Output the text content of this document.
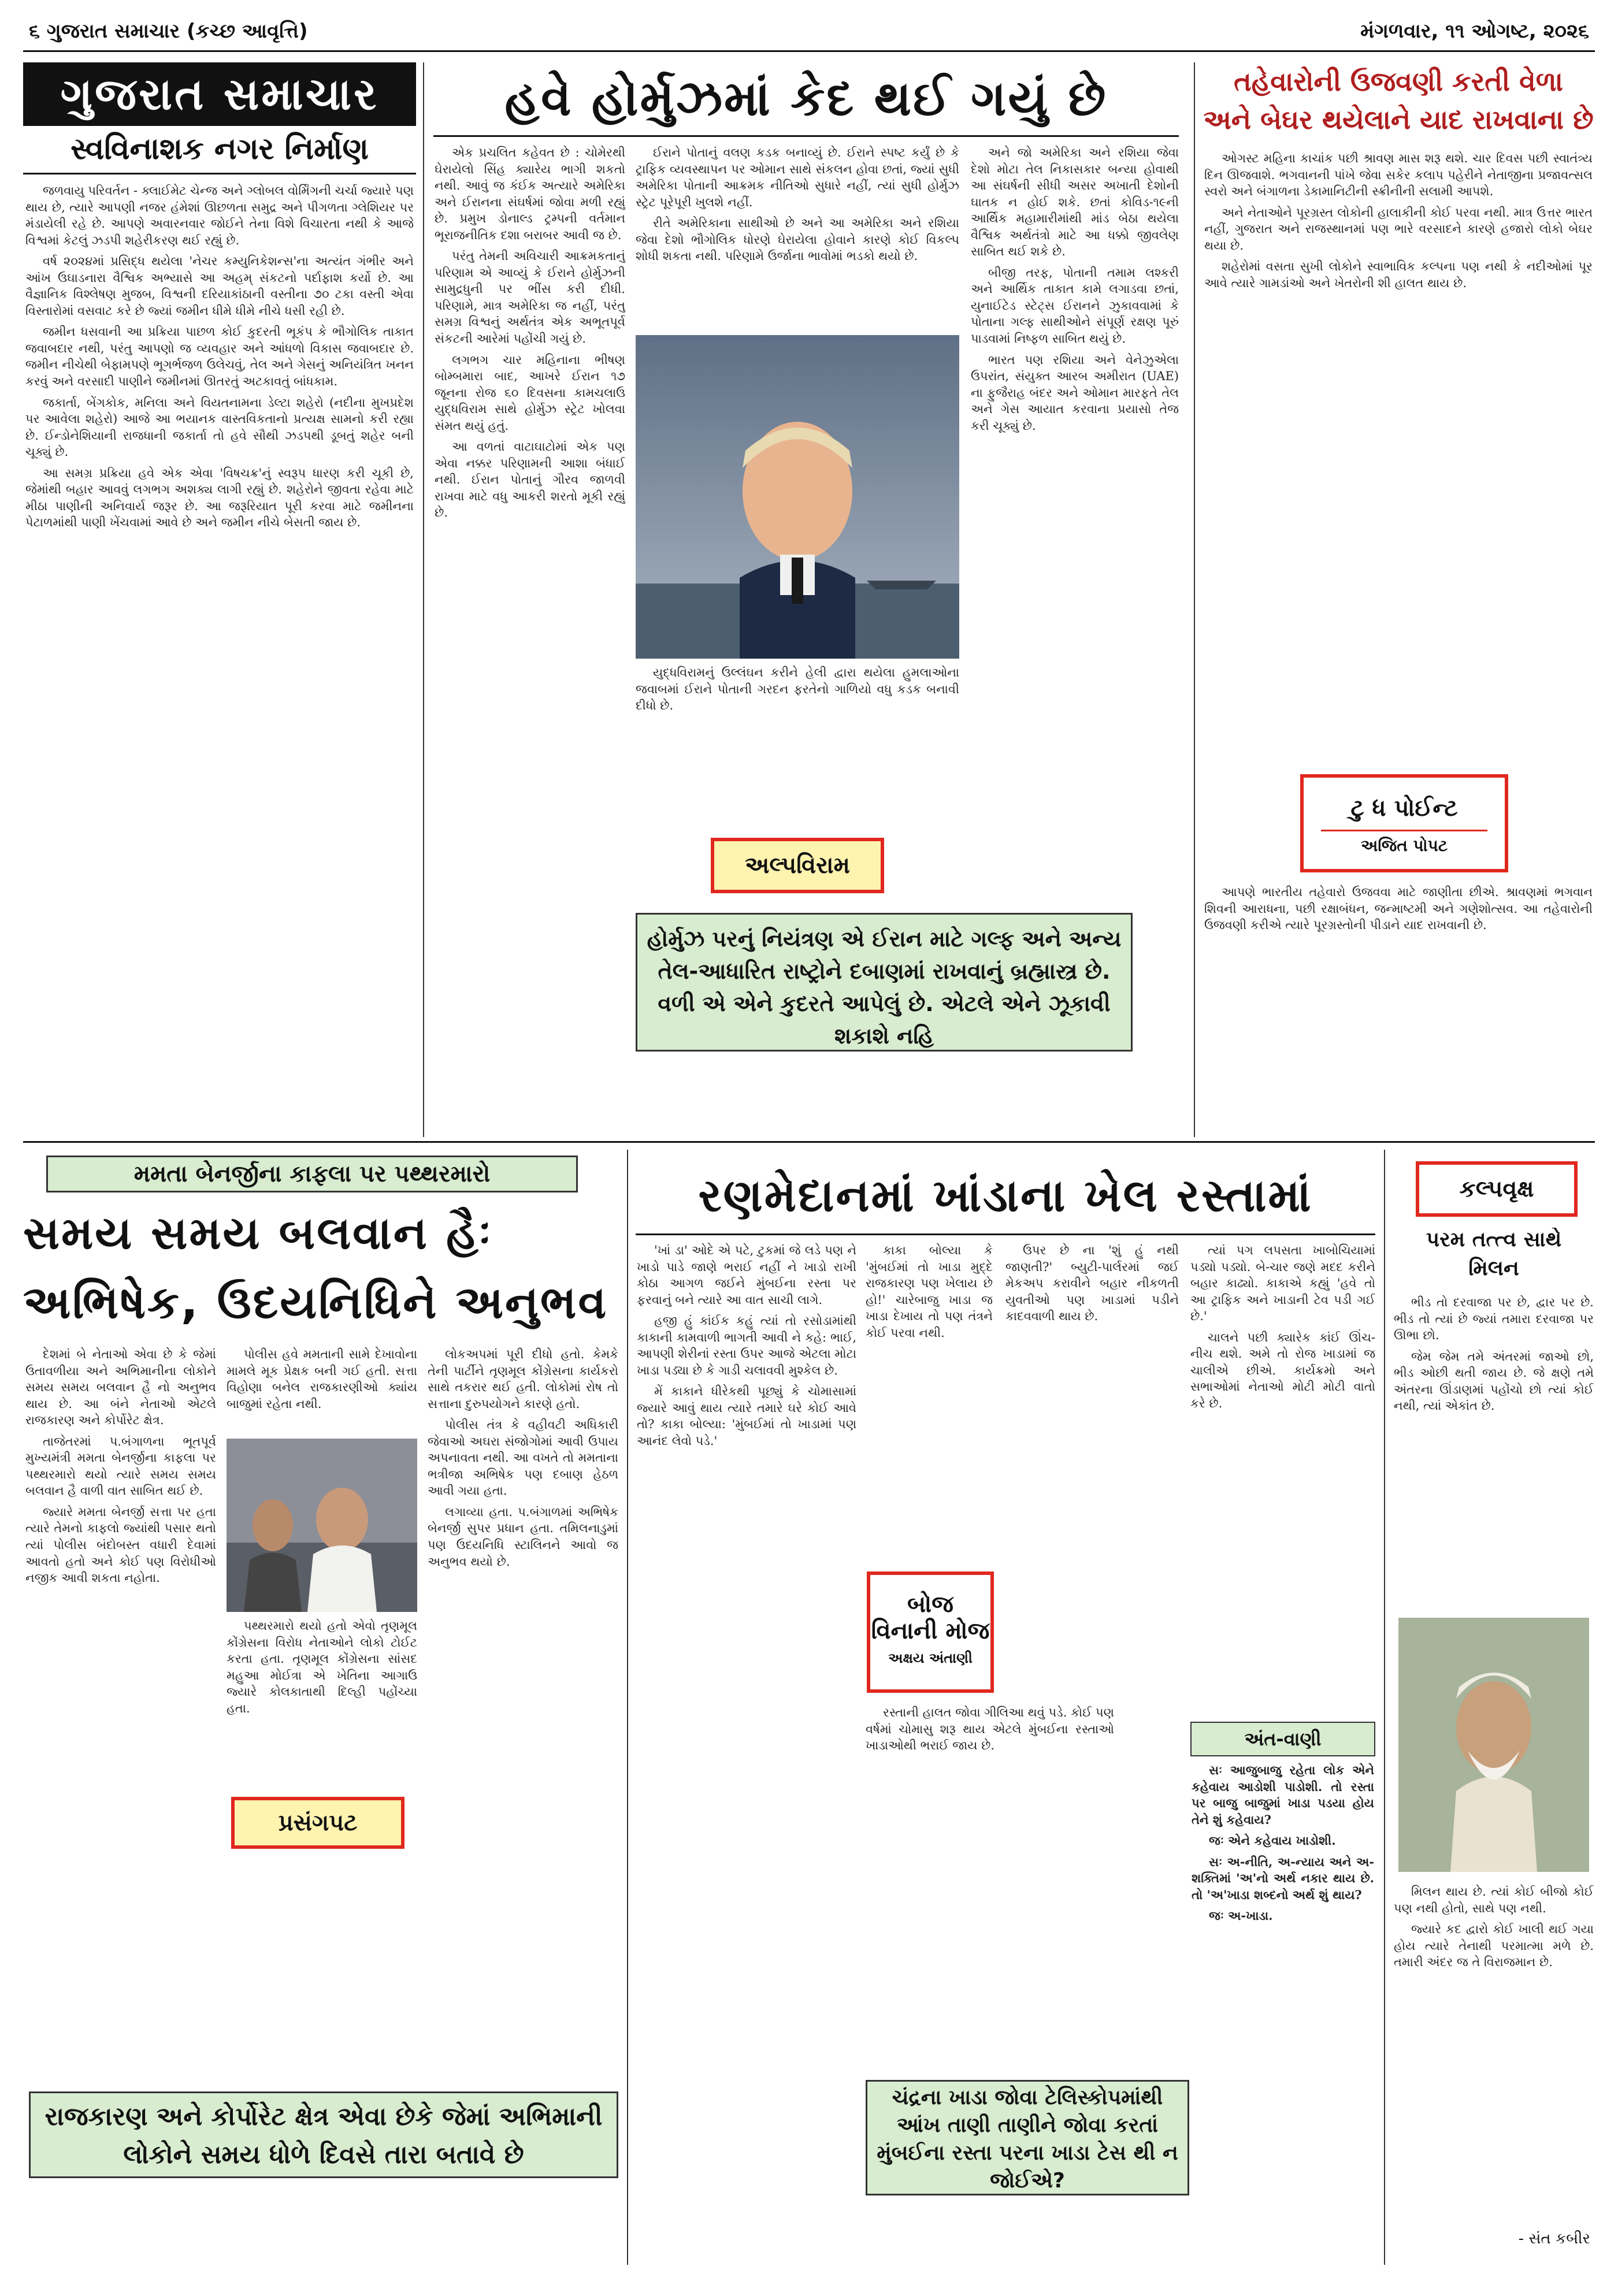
૬ ગુજરાત સમાચાર (કચ્છ આવૃત્તિ)	મંગળવાર, ૧૧ ઓગષ્ટ, ૨૦૨૬
ગુજરાત સમાચાર
સ્વવિનાશક નગર નિર્માણ

જળવાયુ પરિવર્તન - ક્લાઈમેટ ચેન્જ અને ગ્લોબલ વોર્મિંગની ચર્ચા જ્યારે પણ થાય છે, ત્યારે આપણી નજર હંમેશાં ઊછળતા સમુદ્ર અને પીગળતા ગ્લેશિયર પર મંડાયેલી રહે છે. આપણે અવારનવાર જોઈને તેના વિશે વિચારતા નથી કે આજે વિશ્વમાં કેટલું ઝડપી શહેરીકરણ થઈ રહ્યું છે.

વર્ષ ૨૦૨૪માં પ્રસિદ્ધ થયેલા 'નેચર કમ્યુનિકેશન્સ'ના અત્યંત ગંભીર અને આંખ ઉઘાડનારા વૈશ્વિક અભ્યાસે આ અહમ્ સંકટનો પર્દાફાશ કર્યો છે. આ વૈજ્ઞાનિક વિશ્લેષણ મુજબ, વિશ્વની દરિયાકાંઠાની વસ્તીના ૭૦ ટકા વસ્તી એવા વિસ્તારોમાં વસવાટ કરે છે જ્યાં જમીન ધીમે ધીમે નીચે ધસી રહી છે.

જમીન ધસવાની આ પ્રક્રિયા પાછળ કોઈ કુદરતી ભૂકંપ કે ભૌગોલિક તાકાત જવાબદાર નથી, પરંતુ આપણો જ વ્યવહાર અને આંધળો વિકાસ જવાબદાર છે. જમીન નીચેથી બેફામપણે ભૂગર્ભજળ ઉલેચવું, તેલ અને ગેસનું અનિયંત્રિત ખનન કરવું અને વરસાદી પાણીને જમીનમાં ઊતરતું અટકાવતું બાંધકામ.

જકાર્તા, બેંગકોક, મનિલા અને વિયતનામના ડેલ્ટા શહેરો (નદીના મુખપ્રદેશ પર આવેલા શહેરો) આજે આ ભયાનક વાસ્તવિકતાનો પ્રત્યક્ષ સામનો કરી રહ્યા છે. ઈન્ડોનેશિયાની રાજધાની જકાર્તા તો હવે સૌથી ઝડપથી ડૂબતું શહેર બની ચૂક્યું છે.

આ સમગ્ર પ્રક્રિયા હવે એક એવા 'વિષચક્ર'નું સ્વરૂપ ધારણ કરી ચૂકી છે, જેમાંથી બહાર આવવું લગભગ અશક્ય લાગી રહ્યું છે. શહેરોને જીવતા રહેવા માટે મીઠા પાણીની અનિવાર્ય જરૂર છે. આ જરૂરિયાત પૂરી કરવા માટે જમીનના પેટાળમાંથી પાણી ખેંચવામાં આવે છે અને જમીન નીચે બેસતી જાય છે.

હવે હોર્મુઝમાં કેદ થઈ ગયું છે

એક પ્રચલિત કહેવત છે : ચોમેરથી ઘેરાયેલો સિંહ ક્યારેય ભાગી શકતો નથી. આવું જ કંઈક અત્યારે અમેરિકા અને ઈરાનના સંઘર્ષમાં જોવા મળી રહ્યું છે. પ્રમુખ ડોનાલ્ડ ટ્રમ્પની વર્તમાન ભૂરાજનીતિક દશા બરાબર આવી જ છે.

પરંતુ તેમની અવિચારી આક્રમકતાનું પરિણામ એ આવ્યું કે ઈરાને હોર્મુઝની સામુદ્રધુની પર ભીંસ કરી દીધી. પરિણામે, માત્ર અમેરિકા જ નહીં, પરંતુ સમગ્ર વિશ્વનું અર્થતંત્ર એક અભૂતપૂર્વ સંકટની આરેમાં પહોંચી ગયું છે.

લગભગ ચાર મહિનાના ભીષણ બોમ્બમારા બાદ, આખરે ઈરાન ૧૭ જૂનના રોજ ૬૦ દિવસના કામચલાઉ યુદ્ધવિરામ સાથે હોર્મુઝ સ્ટ્રેટ ખોલવા સંમત થયું હતું.

આ વળતાં વાટાઘાટોમાં એક પણ એવા નક્કર પરિણામની આશા બંધાઈ નથી. ઈરાન પોતાનું ગૌરવ જાળવી રાખવા માટે વધુ આકરી શરતો મૂકી રહ્યું છે.

ઈરાને પોતાનું વલણ કડક બનાવ્યું છે. ઈરાને સ્પષ્ટ કર્યું છે કે ટ્રાફિક વ્યવસ્થાપન પર ઓમાન સાથે સંકલન હોવા છતાં, જ્યાં સુધી અમેરિકા પોતાની આક્રમક નીતિઓ સુધારે નહીં, ત્યાં સુધી હોર્મુઝ સ્ટ્રેટ પૂરેપૂરી ખુલશે નહીં.

રીતે અમેરિકાના સાથીઓ છે અને આ અમેરિકા અને રશિયા જેવા દેશો ભૌગોલિક ધોરણે ઘેરાયેલા હોવાને કારણે કોઈ વિકલ્પ શોધી શકતા નથી. પરિણામે ઉર્જાના ભાવોમાં ભડકો થયો છે.

યુદ્ધવિરામનું ઉલ્લંઘન કરીને હેલી દ્વારા થયેલા હુમલાઓના જવાબમાં ઈરાને પોતાની ગરદન ફરતેનો ગાળિયો વધુ કડક બનાવી દીધો છે.

અલ્પવિરામ
હોર્મુઝ પરનું નિયંત્રણ એ ઈરાન માટે ગલ્ફ અને અન્ય તેલ-આધારિત રાષ્ટ્રોને દબાણમાં રાખવાનું બ્રહ્માસ્ત્ર છે. વળી એ એને કુદરતે આપેલું છે. એટલે એને ઝૂકાવી શકાશે નહિ

અને જો અમેરિકા અને રશિયા જેવા દેશો મોટા તેલ નિકાસકાર બન્યા હોવાથી આ સંઘર્ષની સીધી અસર અખાતી દેશોની ઘાતક ન હોઈ શકે. છતાં કોવિડ-૧૯ની આર્થિક મહામારીમાંથી માંડ બેઠા થયેલા વૈશ્વિક અર્થતંત્રો માટે આ ધક્કો જીવલેણ સાબિત થઈ શકે છે.

બીજી તરફ, પોતાની તમામ લશ્કરી અને આર્થિક તાકાત કામે લગાડવા છતાં, યુનાઈટેડ સ્ટેટ્સ ઈરાનને ઝુકાવવામાં કે પોતાના ગલ્ફ સાથીઓને સંપૂર્ણ રક્ષણ પૂરું પાડવામાં નિષ્ફળ સાબિત થયું છે.

ભારત પણ રશિયા અને વેનેઝુએલા ઉપરાંત, સંયુક્ત આરબ અમીરાત (UAE) ના ફુજૈરાહ બંદર અને ઓમાન મારફતે તેલ અને ગેસ આયાત કરવાના પ્રયાસો તેજ કરી ચૂક્યું છે.

તહેવારોની ઉજવણી કરતી વેળા
અને બેઘર થયેલાને યાદ રાખવાના છે

ઓગસ્ટ મહિના કાચાંક પછી શ્રાવણ માસ શરૂ થશે. ચાર દિવસ પછી સ્વાતંત્ર્ય દિન ઊજવાશે. ભગવાનની પાંખે જેવા સકેર કલાપ પહેરીને નેતાજીના પ્રજાવત્સલ સ્વરો અને બંગાળના ડેકામાનિટીની સ્ક્રીનીની સલામી આપશે.

અને નેતાઓને પૂરગ્રસ્ત લોકોની હાલાકીની કોઈ પરવા નથી. માત્ર ઉત્તર ભારત નહીં, ગુજરાત અને રાજસ્થાનમાં પણ ભારે વરસાદને કારણે હજારો લોકો બેઘર થયા છે.

શહેરોમાં વસતા સુખી લોકોને સ્વાભાવિક કલ્પના પણ નથી કે નદીઓમાં પૂર આવે ત્યારે ગામડાંઓ અને ખેતરોની શી હાલત થાય છે.

ટુ ધ પોઈન્ટ
અજિત પોપટ

આપણે ભારતીય તહેવારો ઉજવવા માટે જાણીતા છીએ. શ્રાવણમાં ભગવાન શિવની આરાધના, પછી રક્ષાબંધન, જન્માષ્ટમી અને ગણેશોત્સવ. આ તહેવારોની ઉજવણી કરીએ ત્યારે પૂરગ્રસ્તોની પીડાને યાદ રાખવાની છે.

મમતા બેનર્જીના કાફલા પર પથ્થરમારો
સમય સમય બલવાન હૈઃ
અભિષેક, ઉદયનિધિને અનુભવ

દેશમાં બે નેતાઓ એવા છે કે જેમાં ઉતાવળીયા અને અભિમાનીના લોકોને સમય સમય બલવાન હૈ નો અનુભવ થાય છે. આ બંને નેતાઓ એટલે રાજકારણ અને કોર્પોરેટ ક્ષેત્ર.

તાજેતરમાં પ.બંગાળના ભૂતપૂર્વ મુખ્યમંત્રી મમતા બેનર્જીના કાફલા પર પથ્થરમારો થયો ત્યારે સમય સમય બલવાન હૈ વાળી વાત સાબિત થઈ છે.

જ્યારે મમતા બેનર્જી સત્તા પર હતા ત્યારે તેમનો કાફલો જ્યાંથી પસાર થતો ત્યાં પોલીસ બંદોબસ્ત વધારી દેવામાં આવતો હતો અને કોઈ પણ વિરોધીઓ નજીક આવી શકતા નહોતા.

પોલીસ હવે મમતાની સામે દેખાવોના મામલે મૂક પ્રેક્ષક બની ગઈ હતી. સત્તા વિહોણા બનેલ રાજકારણીઓ ક્યાંય બાજુમાં રહેતા નથી.

પથ્થરમારો થયો હતો એવો તૃણમૂલ કોંગ્રેસના વિરોધ નેતાઓને લોકો ટોઈટ કરતા હતા. તૃણમૂલ કોંગ્રેસના સાંસદ મહુઆ મોઈત્રા એ ખેતિના આગાઉ જ્યારે કોલકાતાથી દિલ્હી પહોંચ્યા હતા.

પ્રસંગપટ

લોકઅપમાં પૂરી દીધો હતો. કેમકે તેની પાર્ટીને તૃણમૂલ કોંગ્રેસના કાર્યકરો સાથે તકરાર થઈ હતી. લોકોમાં રોષ તો સત્તાના દુરુપયોગને કારણે હતો.

પોલીસ તંત્ર કે વહીવટી અધિકારી જેવાઓ અઘરા સંજોગોમાં આવી ઉપાય અપનાવતા નથી. આ વખતે તો મમતાના ભત્રીજા અભિષેક પણ દબાણ હેઠળ આવી ગયા હતા.

લગાવ્યા હતા. પ.બંગાળમાં અભિષેક બેનર્જી સુપર પ્રધાન હતા. તમિલનાડુમાં પણ ઉદયનિધિ સ્ટાલિનને આવો જ અનુભવ થયો છે.

રાજકારણ અને કોર્પોરેટ ક્ષેત્ર એવા છેકે જેમાં અભિમાની લોકોને સમય ધોળે દિવસે તારા બતાવે છે
રણમેદાનમાં ખાંડાના ખેલ રસ્તામાં

'ખાં ડા' ઓદે એ પટે, ટુકમાં જે લડે પણ ને ખાડો પાડે જાણે ભરાઈ નહીં ને ખાડો રાખી કોઠા આગળ જઈને મુંબઈના રસ્તા પર ફરવાનું બને ત્યારે આ વાત સાચી લાગે.

હજી હું કાંઈક કહું ત્યાં તો રસોડામાંથી કાકાની કામવાળી ભાગતી આવી ને કહે: ભાઈ, આપણી શેરીનાં રસ્તા ઉપર આજે એટલા મોટા ખાડા પડ્યા છે કે ગાડી ચલાવવી મુશ્કેલ છે.

મેં કાકાને ધીરેકથી પૂછ્યું કે ચોમાસામાં જ્યારે આવું થાય ત્યારે તમારે ઘરે કોઈ આવે તો? કાકા બોલ્યા: 'મુંબઈમાં તો ખાડામાં પણ આનંદ લેવો પડે.'

કાકા બોલ્યા કે 'મુંબઈમાં તો ખાડા મુદ્દે રાજકારણ પણ ખેલાય છે હો!' ચારેબાજુ ખાડા જ ખાડા દેખાય તો પણ તંત્રને કોઈ પરવા નથી.

બોજ
વિનાની મોજ
અક્ષય અંતાણી

રસ્તાની હાલત જોવા ગીલિઆ થવું પડે. કોઈ પણ વર્ષમાં ચોમાસુ શરૂ થાય એટલે મુંબઈના રસ્તાઓ ખાડાઓથી ભરાઈ જાય છે.

ઉપર છે ના 'શું હું નથી જાણતી?' બ્યુટી-પાર્લરમાં જઈ મેકઅપ કરાવીને બહાર નીકળતી યુવતીઓ પણ ખાડામાં પડીને કાદવવાળી થાય છે.

ચંદ્રના ખાડા જોવા ટેલિસ્કોપમાંથી આંખ તાણી તાણીને જોવા કરતાં મુંબઈના રસ્તા પરના ખાડા ટેસ થી ન જોઈએ?

ત્યાં પગ લપસતા ખાબોચિયામાં પડ્યો પડ્યો. બે-ચાર જણે મદદ કરીને બહાર કાઢ્યો. કાકાએ કહ્યું 'હવે તો આ ટ્રાફિક અને ખાડાની ટેવ પડી ગઈ છે.'

ચાલને પછી ક્યારેક કાંઈ ઊંચ-નીચ થશે. અમે તો રોજ ખાડામાં જ ચાલીએ છીએ. કાર્યક્રમો અને સભાઓમાં નેતાઓ મોટી મોટી વાતો કરે છે.

અંત-વાણી

સઃ આજુબાજુ રહેતા લોક એને કહેવાય આડોશી પાડોશી. તો રસ્તા પર બાજુ બાજુમાં ખાડા પડયા હોય તેને શું કહેવાય?

જઃ એને કહેવાય ખાડોશી.

સઃ અ-નીતિ, અ-ન્યાય અને અ-શક્તિમાં 'અ'નો અર્થ નકાર થાય છે. તો 'અ'ખાડા શબ્દનો અર્થ શું થાય?

જઃ અ-ખાડા.

કલ્પવૃક્ષ
પરમ તત્ત્વ સાથે
મિલન

ભીડ તો દરવાજા પર છે, દ્વાર પર છે. ભીડ તો ત્યાં છે જ્યાં તમારા દરવાજા પર ઊભા છો.

જેમ જેમ તમે અંતરમાં જાઓ છો, ભીડ ઓછી થતી જાય છે. જે ક્ષણે તમે અંતરના ઊંડાણમાં પહોંચો છો ત્યાં કોઈ નથી, ત્યાં એકાંત છે.

મિલન થાય છે. ત્યાં કોઈ બીજો કોઈ પણ નથી હોતો, સાથે પણ નથી.

જ્યારે કદ દ્વારો કોઈ ખાલી થઈ ગયા હોય ત્યારે તેનાથી પરમાત્મા મળે છે. તમારી અંદર જ તે વિરાજમાન છે.

- સંત કબીર
